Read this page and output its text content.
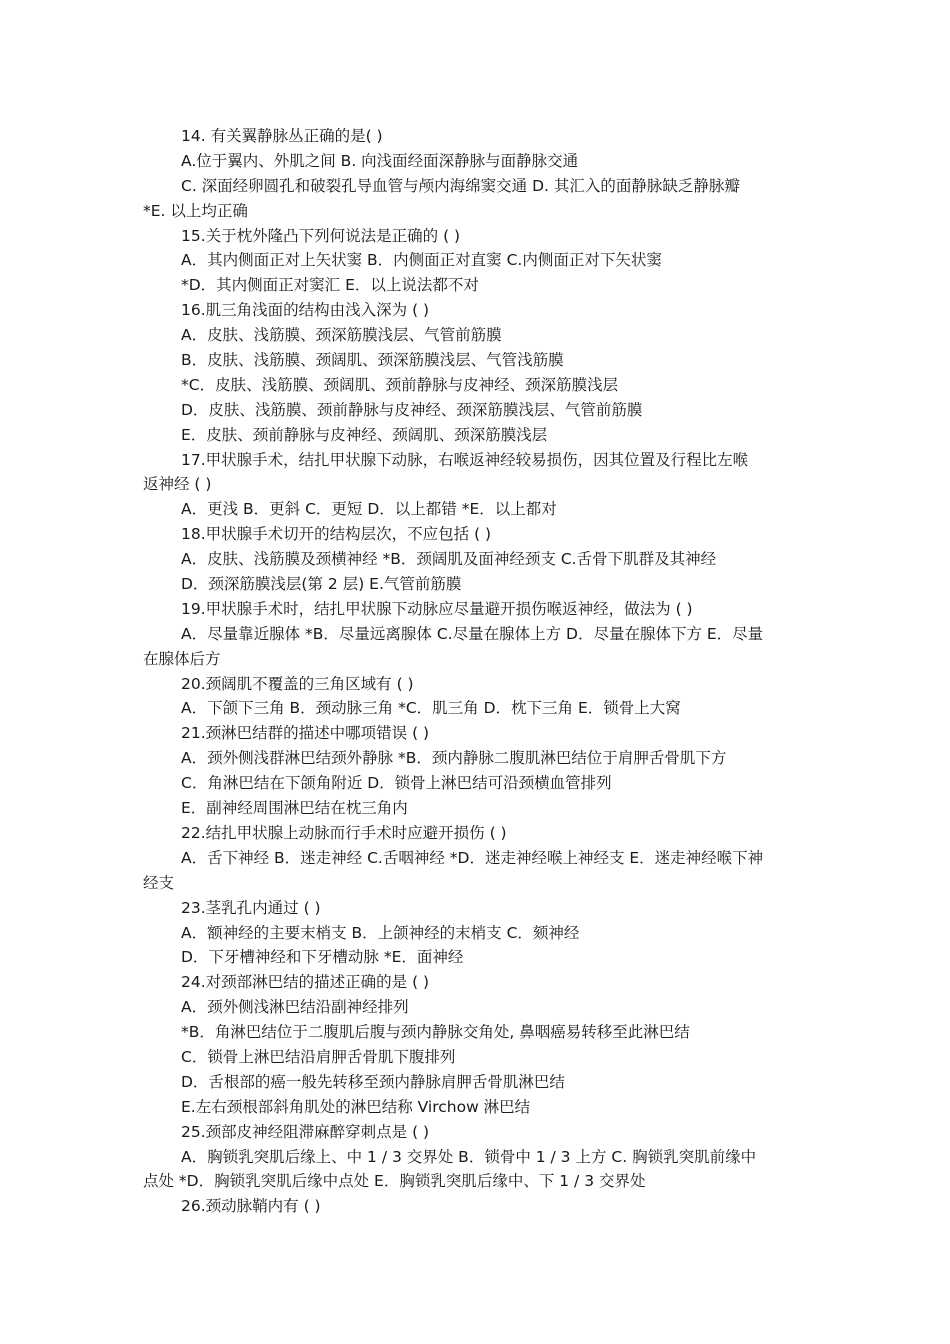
14. 有关翼静脉丛正确的是( )

A.位于翼内、外肌之间 B. 向浅面经面深静脉与面静脉交通

C. 深面经卵圆孔和破裂孔导血管与颅内海绵窦交通 D. 其汇入的面静脉缺乏静脉瓣

*E. 以上均正确

15.关于枕外隆凸下列何说法是正确的 ( )

A．其内侧面正对上矢状窦 B．内侧面正对直窦 C.内侧面正对下矢状窦

*D．其内侧面正对窦汇 E．以上说法都不对

16.肌三角浅面的结构由浅入深为 ( )

A．皮肤、浅筋膜、颈深筋膜浅层、气管前筋膜

B．皮肤、浅筋膜、颈阔肌、颈深筋膜浅层、气管浅筋膜

*C．皮肤、浅筋膜、颈阔肌、颈前静脉与皮神经、颈深筋膜浅层

D．皮肤、浅筋膜、颈前静脉与皮神经、颈深筋膜浅层、气管前筋膜

E．皮肤、颈前静脉与皮神经、颈阔肌、颈深筋膜浅层

17.甲状腺手术，结扎甲状腺下动脉，右喉返神经较易损伤，因其位置及行程比左喉

返神经 ( )

A．更浅 B．更斜 C．更短 D．以上都错 *E．以上都对

18.甲状腺手术切开的结构层次，不应包括 ( )

A．皮肤、浅筋膜及颈横神经 *B．颈阔肌及面神经颈支 C.舌骨下肌群及其神经

D．颈深筋膜浅层(第 2 层) E.气管前筋膜

19.甲状腺手术时，结扎甲状腺下动脉应尽量避开损伤喉返神经，做法为 ( )

A．尽量靠近腺体 *B．尽量远离腺体 C.尽量在腺体上方 D．尽量在腺体下方 E．尽量

在腺体后方

20.颈阔肌不覆盖的三角区域有 ( )

A．下颌下三角 B．颈动脉三角 *C．肌三角 D．枕下三角 E．锁骨上大窝

21.颈淋巴结群的描述中哪项错误 ( )

A．颈外侧浅群淋巴结颈外静脉 *B．颈内静脉二腹肌淋巴结位于肩胛舌骨肌下方

C．角淋巴结在下颌角附近 D．锁骨上淋巴结可沿颈横血管排列

E．副神经周围淋巴结在枕三角内

22.结扎甲状腺上动脉而行手术时应避开损伤 ( )

A．舌下神经 B．迷走神经 C.舌咽神经 *D．迷走神经喉上神经支 E．迷走神经喉下神

经支

23.茎乳孔内通过 ( )

A．额神经的主要末梢支 B．上颌神经的末梢支 C．颏神经

D．下牙槽神经和下牙槽动脉 *E．面神经

24.对颈部淋巴结的描述正确的是 ( )

A．颈外侧浅淋巴结沿副神经排列

*B．角淋巴结位于二腹肌后腹与颈内静脉交角处, 鼻咽癌易转移至此淋巴结

C．锁骨上淋巴结沿肩胛舌骨肌下腹排列

D．舌根部的癌一般先转移至颈内静脉肩胛舌骨肌淋巴结

E.左右颈根部斜角肌处的淋巴结称 Virchow 淋巴结

25.颈部皮神经阻滞麻醉穿刺点是 ( )

A．胸锁乳突肌后缘上、中 1 / 3 交界处 B．锁骨中 1 / 3 上方 C. 胸锁乳突肌前缘中

点处 *D．胸锁乳突肌后缘中点处 E．胸锁乳突肌后缘中、下 1 / 3 交界处

26.颈动脉鞘内有 ( )
